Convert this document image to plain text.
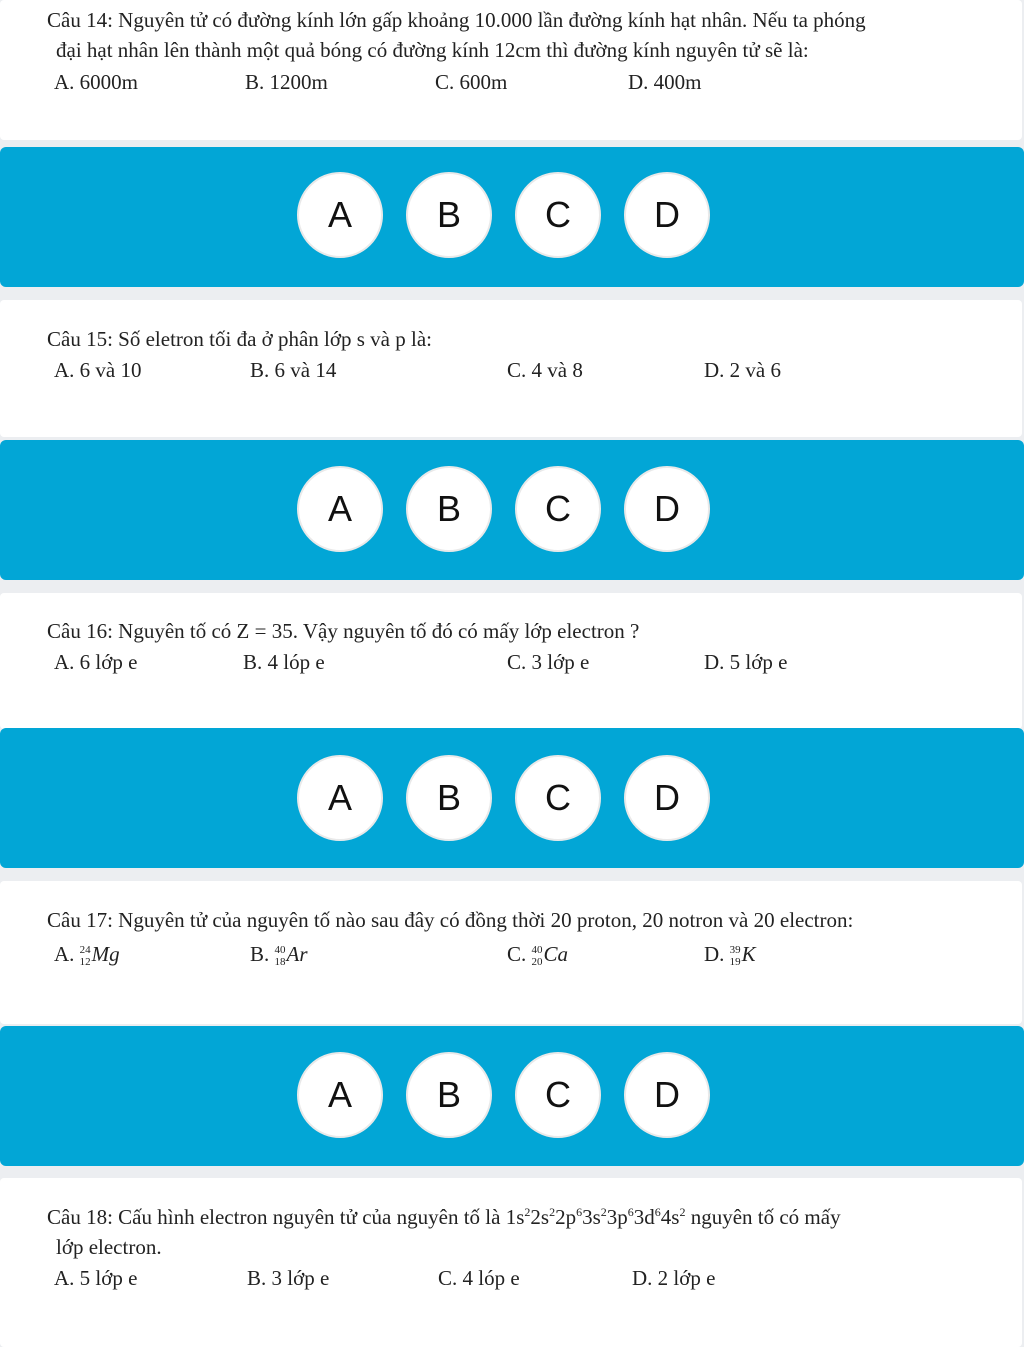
Câu 14: Nguyên tử có đường kính lớn gấp khoảng 10.000 lần đường kính hạt nhân. Nếu ta phóng
đại hạt nhân lên thành một quả bóng có đường kính 12cm thì đường kính nguyên tử sẽ là:
A. 6000m	B. 1200m	C. 600m	D. 400m
A	B	C	D
Câu 15: Số eletron tối đa ở phân lớp s và p là:
A. 6 và 10	B. 6 và 14	C. 4 và 8	D. 2 và 6
A	B	C	D
Câu 16: Nguyên tố có Z = 35. Vậy nguyên tố đó có mấy lớp electron ?
A. 6 lớp e	B. 4 lóp e	C. 3 lớp e	D. 5 lớp e
A	B	C	D
Câu 17: Nguyên tử của nguyên tố nào sau đây có đồng thời 20 proton, 20 notron và 20 electron:
A. 24
12 Mg	B. 40
18 Ar	C. 40
20 Ca	D. 39
19 K
A	B	C	D
Câu 18: Cấu hình electron nguyên tử của nguyên tố là $1s^22s^22p^63s^23p^63d^64s^2$ nguyên tố có mấy
lớp electron.
A. 5 lớp e	B. 3 lớp e	C. 4 lóp e	D. 2 lớp e
